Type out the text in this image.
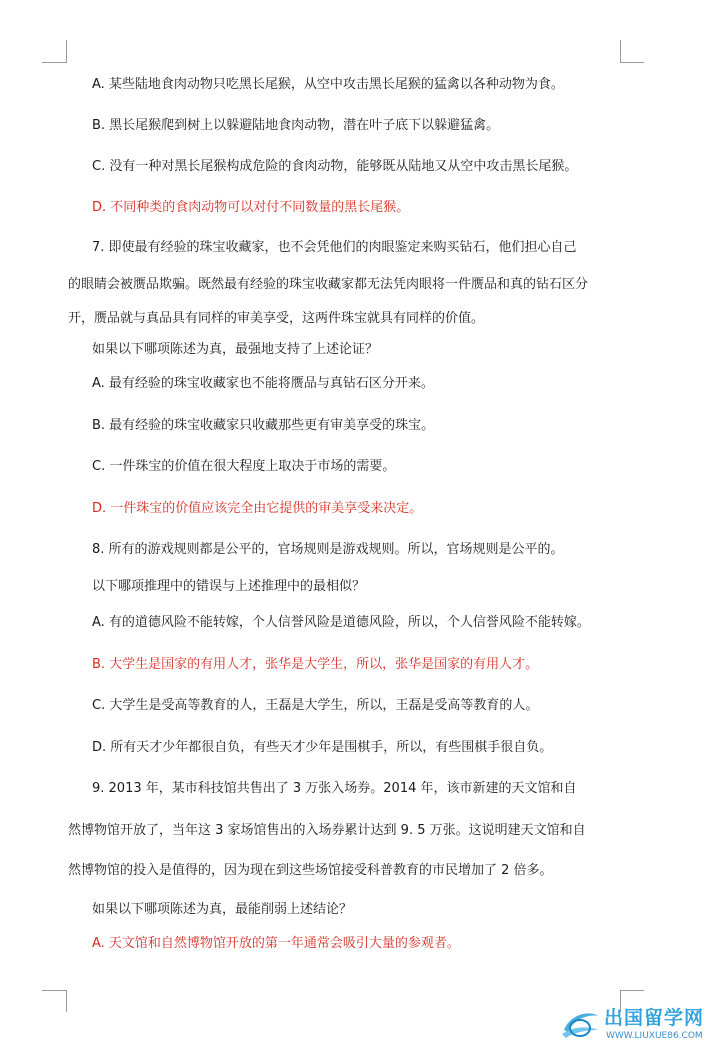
A. 某些陆地食肉动物只吃黑长尾猴，从空中攻击黑长尾猴的猛禽以各种动物为食。
B. 黑长尾猴爬到树上以躲避陆地食肉动物，潜在叶子底下以躲避猛禽。
C. 没有一种对黑长尾猴构成危险的食肉动物，能够既从陆地又从空中攻击黑长尾猴。
D. 不同种类的食肉动物可以对付不同数量的黑长尾猴。
7. 即使最有经验的珠宝收藏家，也不会凭他们的肉眼鉴定来购买钻石，他们担心自己
的眼睛会被赝品欺骗。既然最有经验的珠宝收藏家都无法凭肉眼将一件赝品和真的钻石区分
开，赝品就与真品具有同样的审美享受，这两件珠宝就具有同样的价值。
如果以下哪项陈述为真，最强地支持了上述论证？
A. 最有经验的珠宝收藏家也不能将赝品与真钻石区分开来。
B. 最有经验的珠宝收藏家只收藏那些更有审美享受的珠宝。
C. 一件珠宝的价值在很大程度上取决于市场的需要。
D. 一件珠宝的价值应该完全由它提供的审美享受来决定。
8. 所有的游戏规则都是公平的，官场规则是游戏规则。所以，官场规则是公平的。
以下哪项推理中的错误与上述推理中的最相似？
A. 有的道德风险不能转嫁，个人信誉风险是道德风险，所以，个人信誉风险不能转嫁。
B. 大学生是国家的有用人才，张华是大学生，所以，张华是国家的有用人才。
C. 大学生是受高等教育的人，王磊是大学生，所以，王磊是受高等教育的人。
D. 所有天才少年都很自负，有些天才少年是围棋手，所以，有些围棋手很自负。
9. 2013 年，某市科技馆共售出了 3 万张入场券。2014 年，该市新建的天文馆和自
然博物馆开放了，当年这 3 家场馆售出的入场券累计达到 9. 5 万张。这说明建天文馆和自
然博物馆的投入是值得的，因为现在到这些场馆接受科普教育的市民增加了 2 倍多。
如果以下哪项陈述为真，最能削弱上述结论？
A. 天文馆和自然博物馆开放的第一年通常会吸引大量的参观者。
出国留学网
WWW.LIUXUE86.COM
